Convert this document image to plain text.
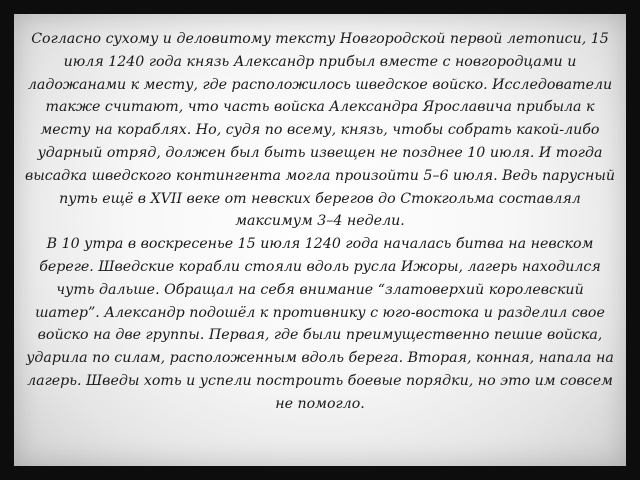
Согласно сухому и деловитому тексту Новгородской первой летописи, 15 июля 1240 года князь Александр прибыл вместе с новгородцами и ладожанами к месту, где расположилось шведское войско. Исследователи также считают, что часть войска Александра Ярославича прибыла к месту на кораблях. Но, судя по всему, князь, чтобы собрать какой-либо ударный отряд, должен был быть извещен не позднее 10 июля. И тогда высадка шведского контингента могла произойти 5–6 июля. Ведь парусный путь ещё в XVII веке от невских берегов до Стокгольма составлял максимум 3–4 недели.

В 10 утра в воскресенье 15 июля 1240 года началась битва на невском береге. Шведские корабли стояли вдоль русла Ижоры, лагерь находился чуть дальше. Обращал на себя внимание “златоверхий королевский шатер”. Александр подошёл к противнику с юго-востока и разделил свое войско на две группы. Первая, где были преимущественно пешие войска, ударила по силам, расположенным вдоль берега. Вторая, конная, напала на лагерь. Шведы хоть и успели построить боевые порядки, но это им совсем не помогло.
